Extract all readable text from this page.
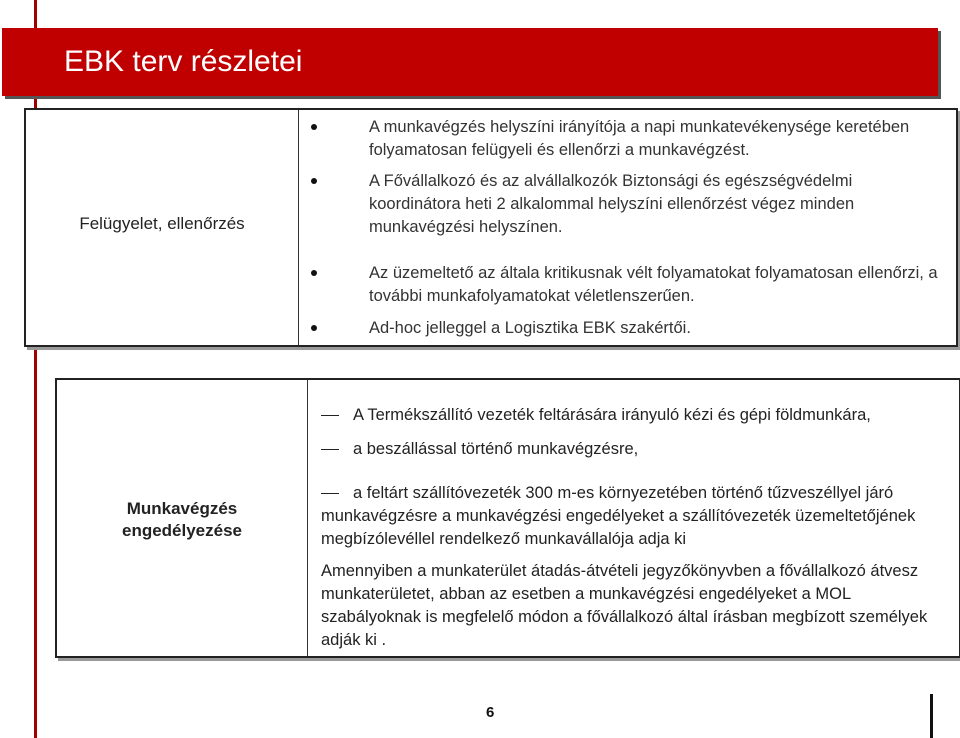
EBK terv részletei
Felügyelet, ellenőrzés
A munkavégzés helyszíni irányítója a napi munkatevékenysége keretében folyamatosan felügyeli és ellenőrzi a munkavégzést.
A Fővállalkozó és az alvállalkozók Biztonsági és egészségvédelmi koordinátora heti 2 alkalommal helyszíni ellenőrzést végez minden munkavégzési helyszínen.
Az üzemeltető az általa kritikusnak vélt folyamatokat folyamatosan ellenőrzi, a további munkafolyamatokat véletlenszerűen.
Ad-hoc jelleggel a Logisztika EBK szakértői.
Munkavégzés
engedélyezése
A Termékszállító vezeték feltárására irányuló kézi és gépi földmunkára,
a beszállással történő munkavégzésre,
a feltárt szállítóvezeték 300 m-es környezetében történő tűzveszéllyel járó munkavégzésre a munkavégzési engedélyeket a szállítóvezeték üzemeltetőjének megbízólevéllel rendelkező munkavállalója adja ki
Amennyiben a munkaterület átadás-átvételi jegyzőkönyvben a fővállalkozó átvesz munkaterületet, abban az esetben a munkavégzési engedélyeket a MOL szabályoknak is megfelelő módon a fővállalkozó által írásban megbízott személyek adják ki .
6
